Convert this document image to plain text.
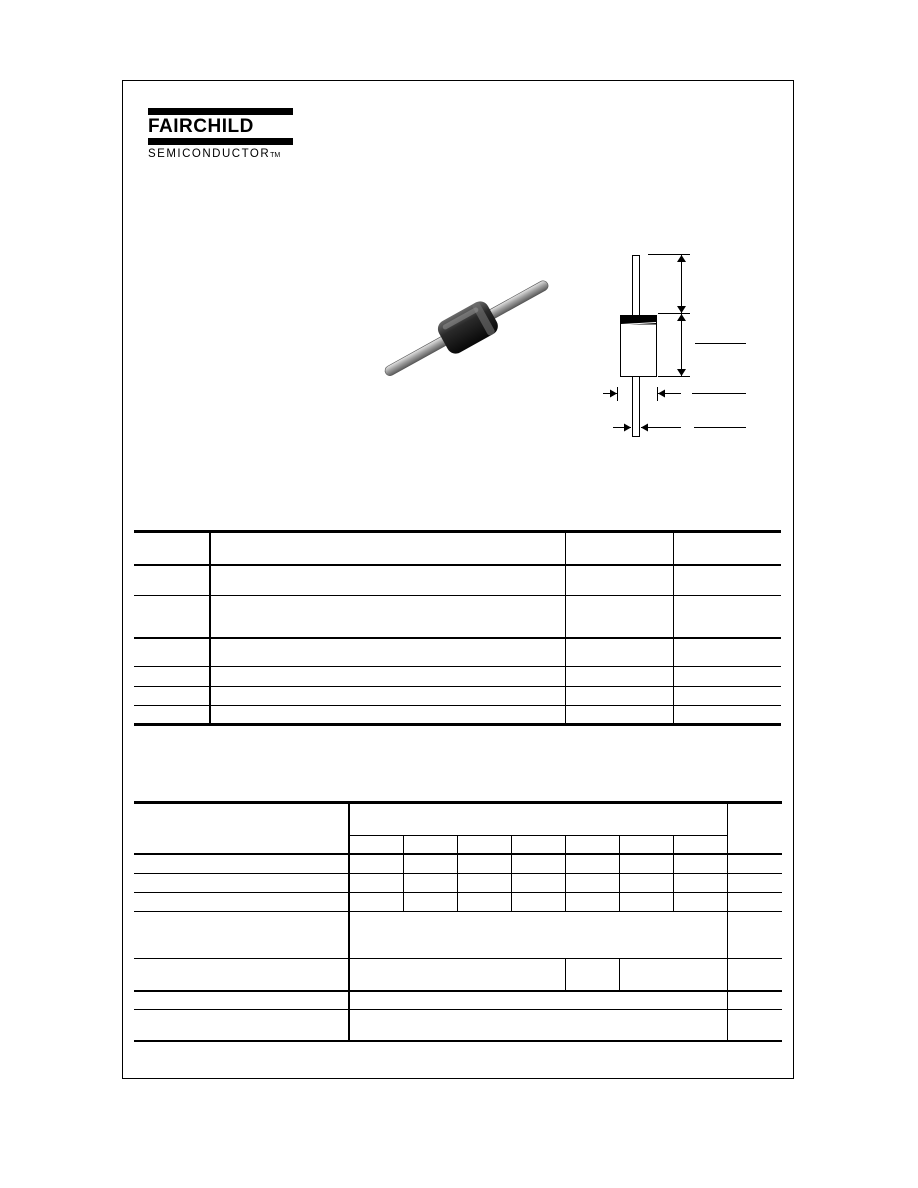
FAIRCHILD
SEMICONDUCTORTM
